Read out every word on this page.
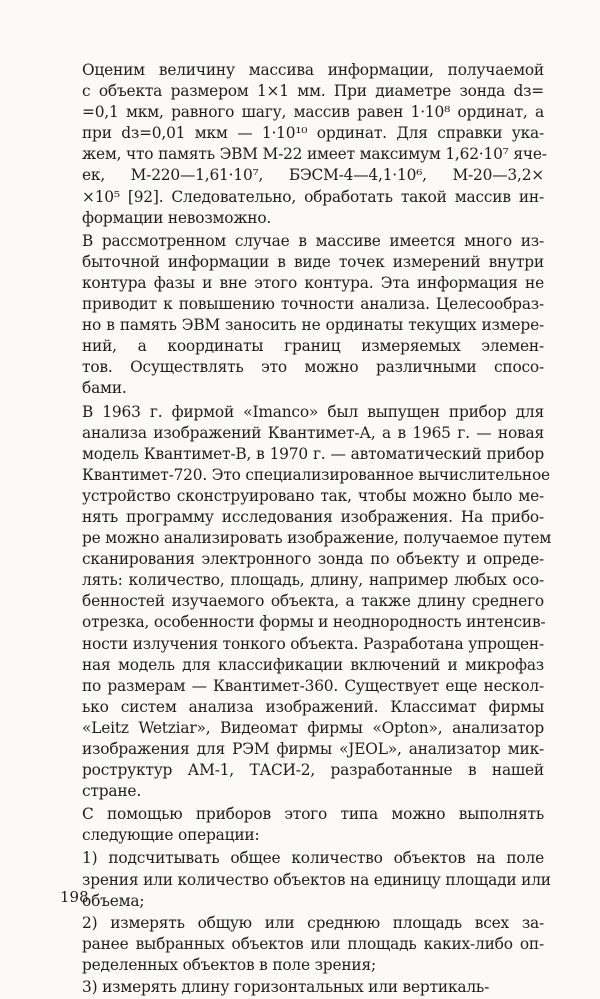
Оценим величину массива информации, получаемой
с объекта размером 1×1 мм. При диаметре зонда dз=
=0,1 мкм, равного шагу, массив равен 1·10⁸ ординат, а
при dз=0,01 мкм — 1·10¹⁰ ординат. Для справки ука-
жем, что память ЭВМ М-22 имеет максимум 1,62·10⁷ яче-
ек, М-220—1,61·10⁷, БЭСМ-4—4,1·10⁶, М-20—3,2×
×10⁵ [92]. Следовательно, обработать такой массив ин-
формации невозможно.
В рассмотренном случае в массиве имеется много из-
быточной информации в виде точек измерений внутри
контура фазы и вне этого контура. Эта информация не
приводит к повышению точности анализа. Целесообраз-
но в память ЭВМ заносить не ординаты текущих измере-
ний, а координаты границ измеряемых элемен-
тов. Осуществлять это можно различными спосо-
бами.
В 1963 г. фирмой «Imanco» был выпущен прибор для
анализа изображений Квантимет-А, а в 1965 г. — новая
модель Квантимет-В, в 1970 г. — автоматический прибор
Квантимет-720. Это специализированное вычислительное
устройство сконструировано так, чтобы можно было ме-
нять программу исследования изображения. На прибо-
ре можно анализировать изображение, получаемое путем
сканирования электронного зонда по объекту и опреде-
лять: количество, площадь, длину, например любых осо-
бенностей изучаемого объекта, а также длину среднего
отрезка, особенности формы и неоднородность интенсив-
ности излучения тонкого объекта. Разработана упрощен-
ная модель для классификации включений и микрофаз
по размерам — Квантимет-360. Существует еще нескол-
ько систем анализа изображений. Классимат фирмы
«Leitz Wetziar», Видеомат фирмы «Opton», анализатор
изображения для РЭМ фирмы «JEOL», анализатор мик-
роструктур АМ-1, ТАСИ-2, разработанные в нашей
стране.
С помощью приборов этого типа можно выполнять
следующие операции:
1) подсчитывать общее количество объектов на поле
зрения или количество объектов на единицу площади или
объема;
2) измерять общую или среднюю площадь всех за-
ранее выбранных объектов или площадь каких-либо оп-
ределенных объектов в поле зрения;
3) измерять длину горизонтальных или вертикаль-
198
